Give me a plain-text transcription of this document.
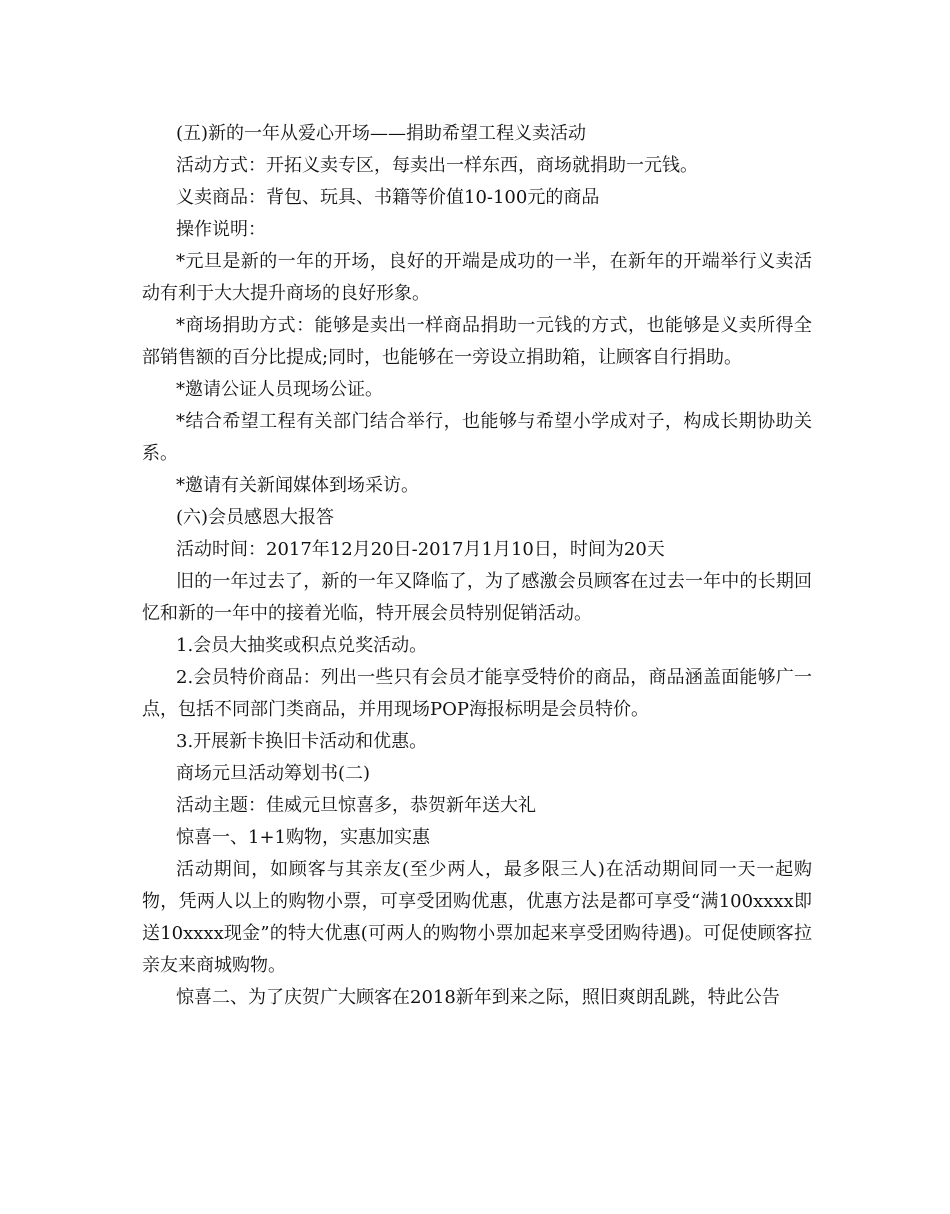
(五)新的一年从爱心开场——捐助希望工程义卖活动

活动方式：开拓义卖专区，每卖出一样东西，商场就捐助一元钱。

义卖商品：背包、玩具、书籍等价值10-100元的商品

操作说明：

*元旦是新的一年的开场，良好的开端是成功的一半，在新年的开端举行义卖活动有利于大大提升商场的良好形象。

*商场捐助方式：能够是卖出一样商品捐助一元钱的方式，也能够是义卖所得全部销售额的百分比提成;同时，也能够在一旁设立捐助箱，让顾客自行捐助。

*邀请公证人员现场公证。

*结合希望工程有关部门结合举行，也能够与希望小学成对子，构成长期协助关系。

*邀请有关新闻媒体到场采访。

(六)会员感恩大报答

活动时间：2017年12月20日-2017月1月10日，时间为20天

旧的一年过去了，新的一年又降临了，为了感激会员顾客在过去一年中的长期回忆和新的一年中的接着光临，特开展会员特别促销活动。

1.会员大抽奖或积点兑奖活动。

2.会员特价商品：列出一些只有会员才能享受特价的商品，商品涵盖面能够广一点，包括不同部门类商品，并用现场POP海报标明是会员特价。

3.开展新卡换旧卡活动和优惠。

商场元旦活动筹划书(二)

活动主题：佳威元旦惊喜多，恭贺新年送大礼

惊喜一、1+1购物，实惠加实惠

活动期间，如顾客与其亲友(至少两人，最多限三人)在活动期间同一天一起购物，凭两人以上的购物小票，可享受团购优惠，优惠方法是都可享受“满100xxxx即送10xxxx现金”的特大优惠(可两人的购物小票加起来享受团购待遇)。可促使顾客拉亲友来商城购物。

惊喜二、为了庆贺广大顾客在2018新年到来之际，照旧爽朗乱跳，特此公告
